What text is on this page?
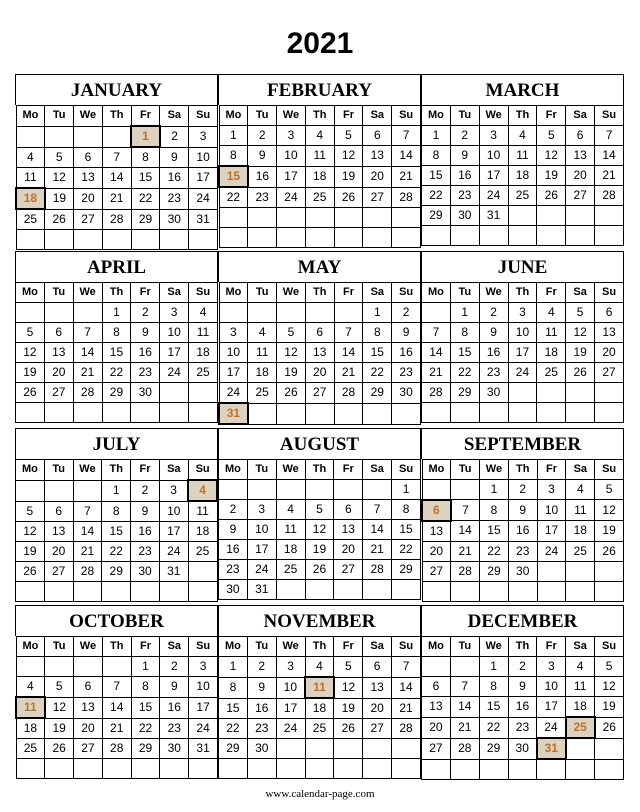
2021
JANUARY
Mo	Tu	We	Th	Fr	Sa	Su
				1	2	3
4	5	6	7	8	9	10
11	12	13	14	15	16	17
18	19	20	21	22	23	24
25	26	27	28	29	30	31

FEBRUARY
Mo	Tu	We	Th	Fr	Sa	Su
1	2	3	4	5	6	7
8	9	10	11	12	13	14
15	16	17	18	19	20	21
22	23	24	25	26	27	28

MARCH
Mo	Tu	We	Th	Fr	Sa	Su
1	2	3	4	5	6	7
8	9	10	11	12	13	14
15	16	17	18	19	20	21
22	23	24	25	26	27	28
29	30	31				

APRIL
Mo	Tu	We	Th	Fr	Sa	Su
			1	2	3	4
5	6	7	8	9	10	11
12	13	14	15	16	17	18
19	20	21	22	23	24	25
26	27	28	29	30		

MAY
Mo	Tu	We	Th	Fr	Sa	Su
					1	2
3	4	5	6	7	8	9
10	11	12	13	14	15	16
17	18	19	20	21	22	23
24	25	26	27	28	29	30
31						
JUNE
Mo	Tu	We	Th	Fr	Sa	Su
	1	2	3	4	5	6
7	8	9	10	11	12	13
14	15	16	17	18	19	20
21	22	23	24	25	26	27
28	29	30				

JULY
Mo	Tu	We	Th	Fr	Sa	Su
			1	2	3	4
5	6	7	8	9	10	11
12	13	14	15	16	17	18
19	20	21	22	23	24	25
26	27	28	29	30	31	

AUGUST
Mo	Tu	We	Th	Fr	Sa	Su
						1
2	3	4	5	6	7	8
9	10	11	12	13	14	15
16	17	18	19	20	21	22
23	24	25	26	27	28	29
30	31					
SEPTEMBER
Mo	Tu	We	Th	Fr	Sa	Su
		1	2	3	4	5
6	7	8	9	10	11	12
13	14	15	16	17	18	19
20	21	22	23	24	25	26
27	28	29	30			

OCTOBER
Mo	Tu	We	Th	Fr	Sa	Su
				1	2	3
4	5	6	7	8	9	10
11	12	13	14	15	16	17
18	19	20	21	22	23	24
25	26	27	28	29	30	31

NOVEMBER
Mo	Tu	We	Th	Fr	Sa	Su
1	2	3	4	5	6	7
8	9	10	11	12	13	14
15	16	17	18	19	20	21
22	23	24	25	26	27	28
29	30					

DECEMBER
Mo	Tu	We	Th	Fr	Sa	Su
		1	2	3	4	5
6	7	8	9	10	11	12
13	14	15	16	17	18	19
20	21	22	23	24	25	26
27	28	29	30	31		

www.calendar-page.com
